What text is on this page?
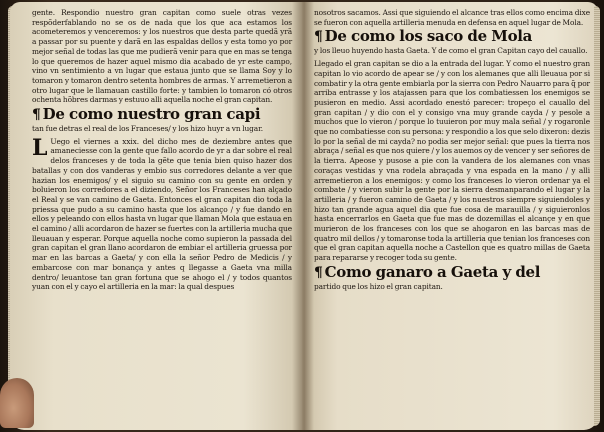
gente. Respondio nuestro gran capitan como suele otras vezes respõderfablando no se os de nada que los que aca estamos los acometeremos y venceremos: y los nuestros que desta parte quedã yrã a passar por su puente y darã en las espaldas dellos y esta tomo yo por mejor señal de todas las que me pudierã venir para que en mas se tenga lo que queremos de hazer aquel mismo dia acabado de yr este campo, vino vn sentimiento a vn lugar que estaua junto que se llama Soy y lo tomaron y tomaron dentro setenta hombres de armas. Y arremetieron a otro lugar que le llamauan castillo forte: y tambien lo tomaron có otros ochenta hõbres darmas y estuuo alli aquella noche el gran capitan.

¶ De como nuestro gran capi

tan fue detras el real de los Franceses/ y los hizo huyr a vn lugar.

L Uego el viernes a xxix. del dicho mes de deziembre antes que amaneciesse con la gente que fallo acordo de yr a dar sobre el real delos franceses y de toda la gẽte que tenia bien quiso hazer dos batallas y con dos vanderas y embio sus corredores delante a ver que hazian los enemigos/ y el siguio su camino con su gente en orden y boluieron los corredores a el diziendo, Señor los Franceses han alçado el Real y se van camino de Gaeta. Entonces el gran capitan dio toda la priessa que pudo a su camino hasta que los alcanço / y fue dando en ellos y peleando con ellos hasta vn lugar que llaman Mola que estaua en el camino / alli acordaron de hazer se fuertes con la artilleria mucha que lleuauan y esperar. Porque aquella noche como supieron la passada del gran capitan el gran llano acordaron de embiar el artilleria gruessa por mar en las barcas a Gaeta/ y con ella la señor Pedro de Medicis / y embarcose con mar bonança y antes q llegasse a Gaeta vna milla dentro/ leuantose tan gran fortuna que se ahogo el / y todos quantos yuan con el y cayo el artilleria en la mar: la qual despues

nosotros sacamos. Assi que siguiendo el alcance tras ellos como encima dixe se fueron con aquella artilleria menuda en defensa en aquel lugar de Mola.

¶ De como los saco de Mola

y los lleuo huyendo hasta Gaeta. Y de como el gran Capitan cayo del cauallo.

Llegado el gran capitan se dio a la entrada del lugar. Y como el nuestro gran capitan lo vio acordo de apear se / y con los alemanes que alli lleuaua por si combatir y la otra gente embiarla por la sierra con Pedro Nauarro para q̃ por arriba entrasse y los atajassen para que los combatiessen los enemigos se pusieron en medio. Assi acordado enestó parecer: tropeço el cauallo del gran capitan / y dio con el y consigo vna muy grande cayda / y pesole a muchos que lo vieron / porque lo tuuieron por muy mala señal / y rogaronle que no combatiesse con su persona: y respondio a los que selo dixeron: dezis lo por la señal de mi cayda? no podia ser mejor señal: que pues la tierra nos abraça / señal es que nos quiere / y los auemos oy de vencer y ser señores de la tierra. Apeose y pusose a pie con la vandera de los alemanes con vnas coraças vestidas y vna rodela abraçada y vna espada en la mano / y alli arremetieron a los enemigos: y como los franceses lo vieron ordenar ya el combate / y vieron subir la gente por la sierra desmanparando el lugar y la artilleria / y fueron camino de Gaeta / y los nuestros siempre siguiendoles y hizo tan grande agua aquel dia que fue cosa de marauilla / y siguieronlos hasta encerrarlos en Gaeta que fue mas de dozemillas el alcançe y en que murieron de los franceses con los que se ahogaron en las barcas mas de quatro mil dellos / y tomaronse toda la artilleria que tenian los franceses con que el gran capitan aquella noche a Castellon que es quatro millas de Gaeta para repararse y recoger toda su gente.

¶ Como ganaro a Gaeta y del

partido que los hizo el gran capitan.
